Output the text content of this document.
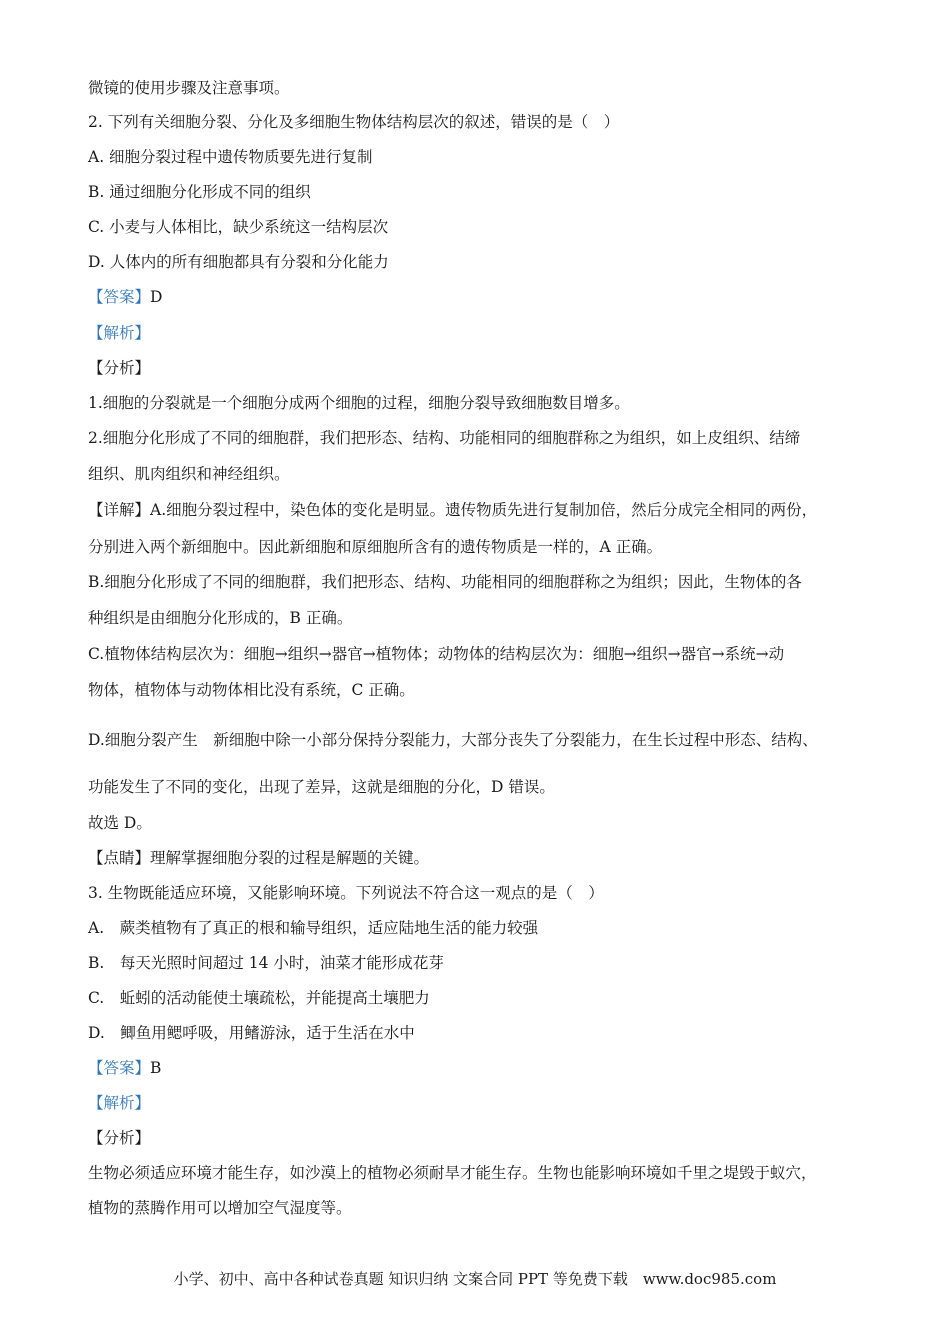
微镜的使用步骤及注意事项。
2. 下列有关细胞分裂、分化及多细胞生物体结构层次的叙述，错误的是（　）
A. 细胞分裂过程中遗传物质要先进行复制
B. 通过细胞分化形成不同的组织
C. 小麦与人体相比，缺少系统这一结构层次
D. 人体内的所有细胞都具有分裂和分化能力
【答案】D
【解析】
【分析】
1.细胞的分裂就是一个细胞分成两个细胞的过程，细胞分裂导致细胞数目增多。
2.细胞分化形成了不同的细胞群，我们把形态、结构、功能相同的细胞群称之为组织，如上皮组织、结缔
组织、肌肉组织和神经组织。
【详解】A.细胞分裂过程中，染色体的变化是明显。遗传物质先进行复制加倍，然后分成完全相同的两份，
分别进入两个新细胞中。因此新细胞和原细胞所含有的遗传物质是一样的，A 正确。
B.细胞分化形成了不同的细胞群，我们把形态、结构、功能相同的细胞群称之为组织；因此，生物体的各
种组织是由细胞分化形成的，B 正确。
C.植物体结构层次为：细胞→组织→器官→植物体；动物体的结构层次为：细胞→组织→器官→系统→动
物体，植物体与动物体相比没有系统，C 正确。
D.细胞分裂产生　新细胞中除一小部分保持分裂能力，大部分丧失了分裂能力，在生长过程中形态、结构、
功能发生了不同的变化，出现了差异，这就是细胞的分化，D 错误。
故选 D。
【点睛】理解掌握细胞分裂的过程是解题的关键。
3. 生物既能适应环境，又能影响环境。下列说法不符合这一观点的是（　）
A.　蕨类植物有了真正的根和输导组织，适应陆地生活的能力较强
B.　每天光照时间超过 14 小时，油菜才能形成花芽
C.　蚯蚓的活动能使土壤疏松，并能提高土壤肥力
D.　鲫鱼用鳃呼吸，用鳍游泳，适于生活在水中
【答案】B
【解析】
【分析】
生物必须适应环境才能生存，如沙漠上的植物必须耐旱才能生存。生物也能影响环境如千里之堤毁于蚁穴，
植物的蒸腾作用可以增加空气湿度等。
小学、初中、高中各种试卷真题 知识归纳 文案合同 PPT 等免费下载　www.doc985.com
